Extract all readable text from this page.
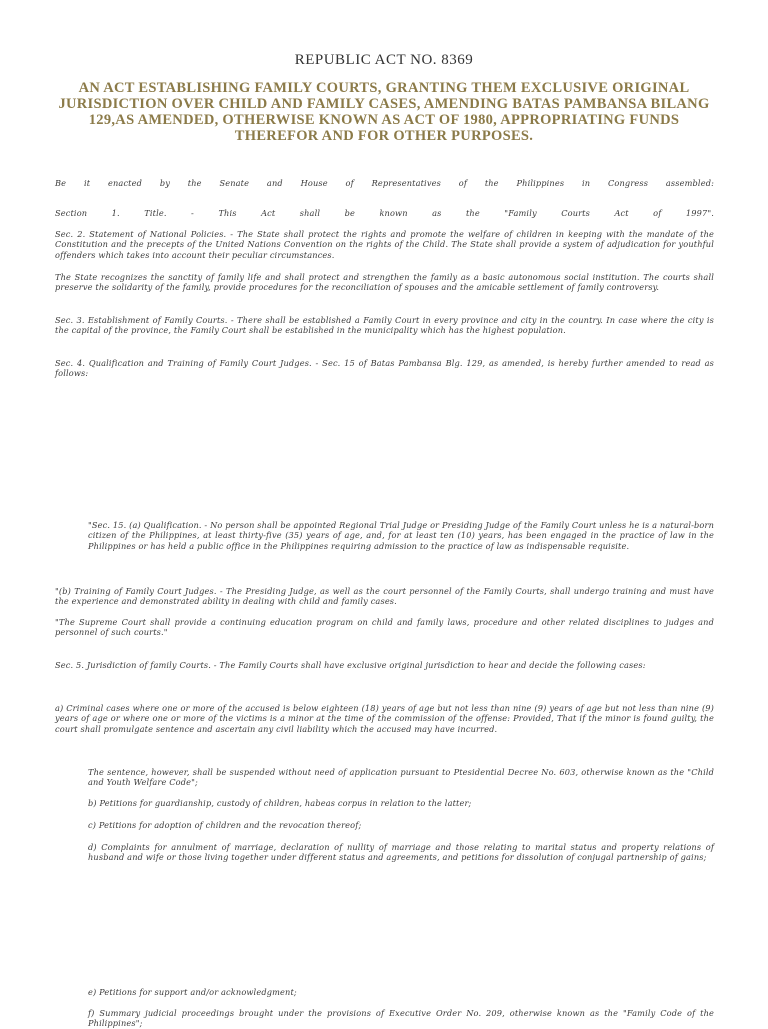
REPUBLIC ACT NO. 8369
AN ACT ESTABLISHING FAMILY COURTS, GRANTING THEM EXCLUSIVE ORIGINAL JURISDICTION OVER CHILD AND FAMILY CASES, AMENDING BATAS PAMBANSA BILANG 129,AS AMENDED, OTHERWISE KNOWN AS ACT OF 1980, APPROPRIATING FUNDS THEREFOR AND FOR OTHER PURPOSES.
Be it enacted by the Senate and House of Representatives of the Philippines in Congress assembled:
Section 1. Title. - This Act shall be known as the "Family Courts Act of 1997".
Sec. 2. Statement of National Policies. - The State shall protect the rights and promote the welfare of children in keeping with the mandate of the Constitution and the precepts of the United Nations Convention on the rights of the Child. The State shall provide a system of adjudication for youthful offenders which takes into account their peculiar circumstances.
The State recognizes the sanctity of family life and shall protect and strengthen the family as a basic autonomous social institution. The courts shall preserve the solidarity of the family, provide procedures for the reconciliation of spouses and the amicable settlement of family controversy.
Sec. 3. Establishment of Family Courts. - There shall be established a Family Court in every province and city in the country. In case where the city is the capital of the province, the Family Court shall be established in the municipality which has the highest population.
Sec. 4. Qualification and Training of Family Court Judges. - Sec. 15 of Batas Pambansa Blg. 129, as amended, is hereby further amended to read as follows:
"Sec. 15. (a) Qualification. - No person shall be appointed Regional Trial Judge or Presiding Judge of the Family Court unless he is a natural-born citizen of the Philippines, at least thirty-five (35) years of age, and, for at least ten (10) years, has been engaged in the practice of law in the Philippines or has held a public office in the Philippines requiring admission to the practice of law as indispensable requisite.
"(b) Training of Family Court Judges. - The Presiding Judge, as well as the court personnel of the Family Courts, shall undergo training and must have the experience and demonstrated ability in dealing with child and family cases.
"The Supreme Court shall provide a continuing education program on child and family laws, procedure and other related disciplines to judges and personnel of such courts."
Sec. 5. Jurisdiction of family Courts. - The Family Courts shall have exclusive original jurisdiction to hear and decide the following cases:
a) Criminal cases where one or more of the accused is below eighteen (18) years of age but not less than nine (9) years of age but not less than nine (9) years of age or where one or more of the victims is a minor at the time of the commission of the offense: Provided, That if the minor is found guilty, the court shall promulgate sentence and ascertain any civil liability which the accused may have incurred.
The sentence, however, shall be suspended without need of application pursuant to Ptesidential Decree No. 603, otherwise known as the "Child and Youth Welfare Code";
b) Petitions for guardianship, custody of children, habeas corpus in relation to the latter;
c) Petitions for adoption of children and the revocation thereof;
d) Complaints for annulment of marriage, declaration of nullity of marriage and those relating to marital status and property relations of husband and wife or those living together under different status and agreements, and petitions for dissolution of conjugal partnership of gains;
e) Petitions for support and/or acknowledgment;
f) Summary judicial proceedings brought under the provisions of Executive Order No. 209, otherwise known as the "Family Code of the Philippines";
